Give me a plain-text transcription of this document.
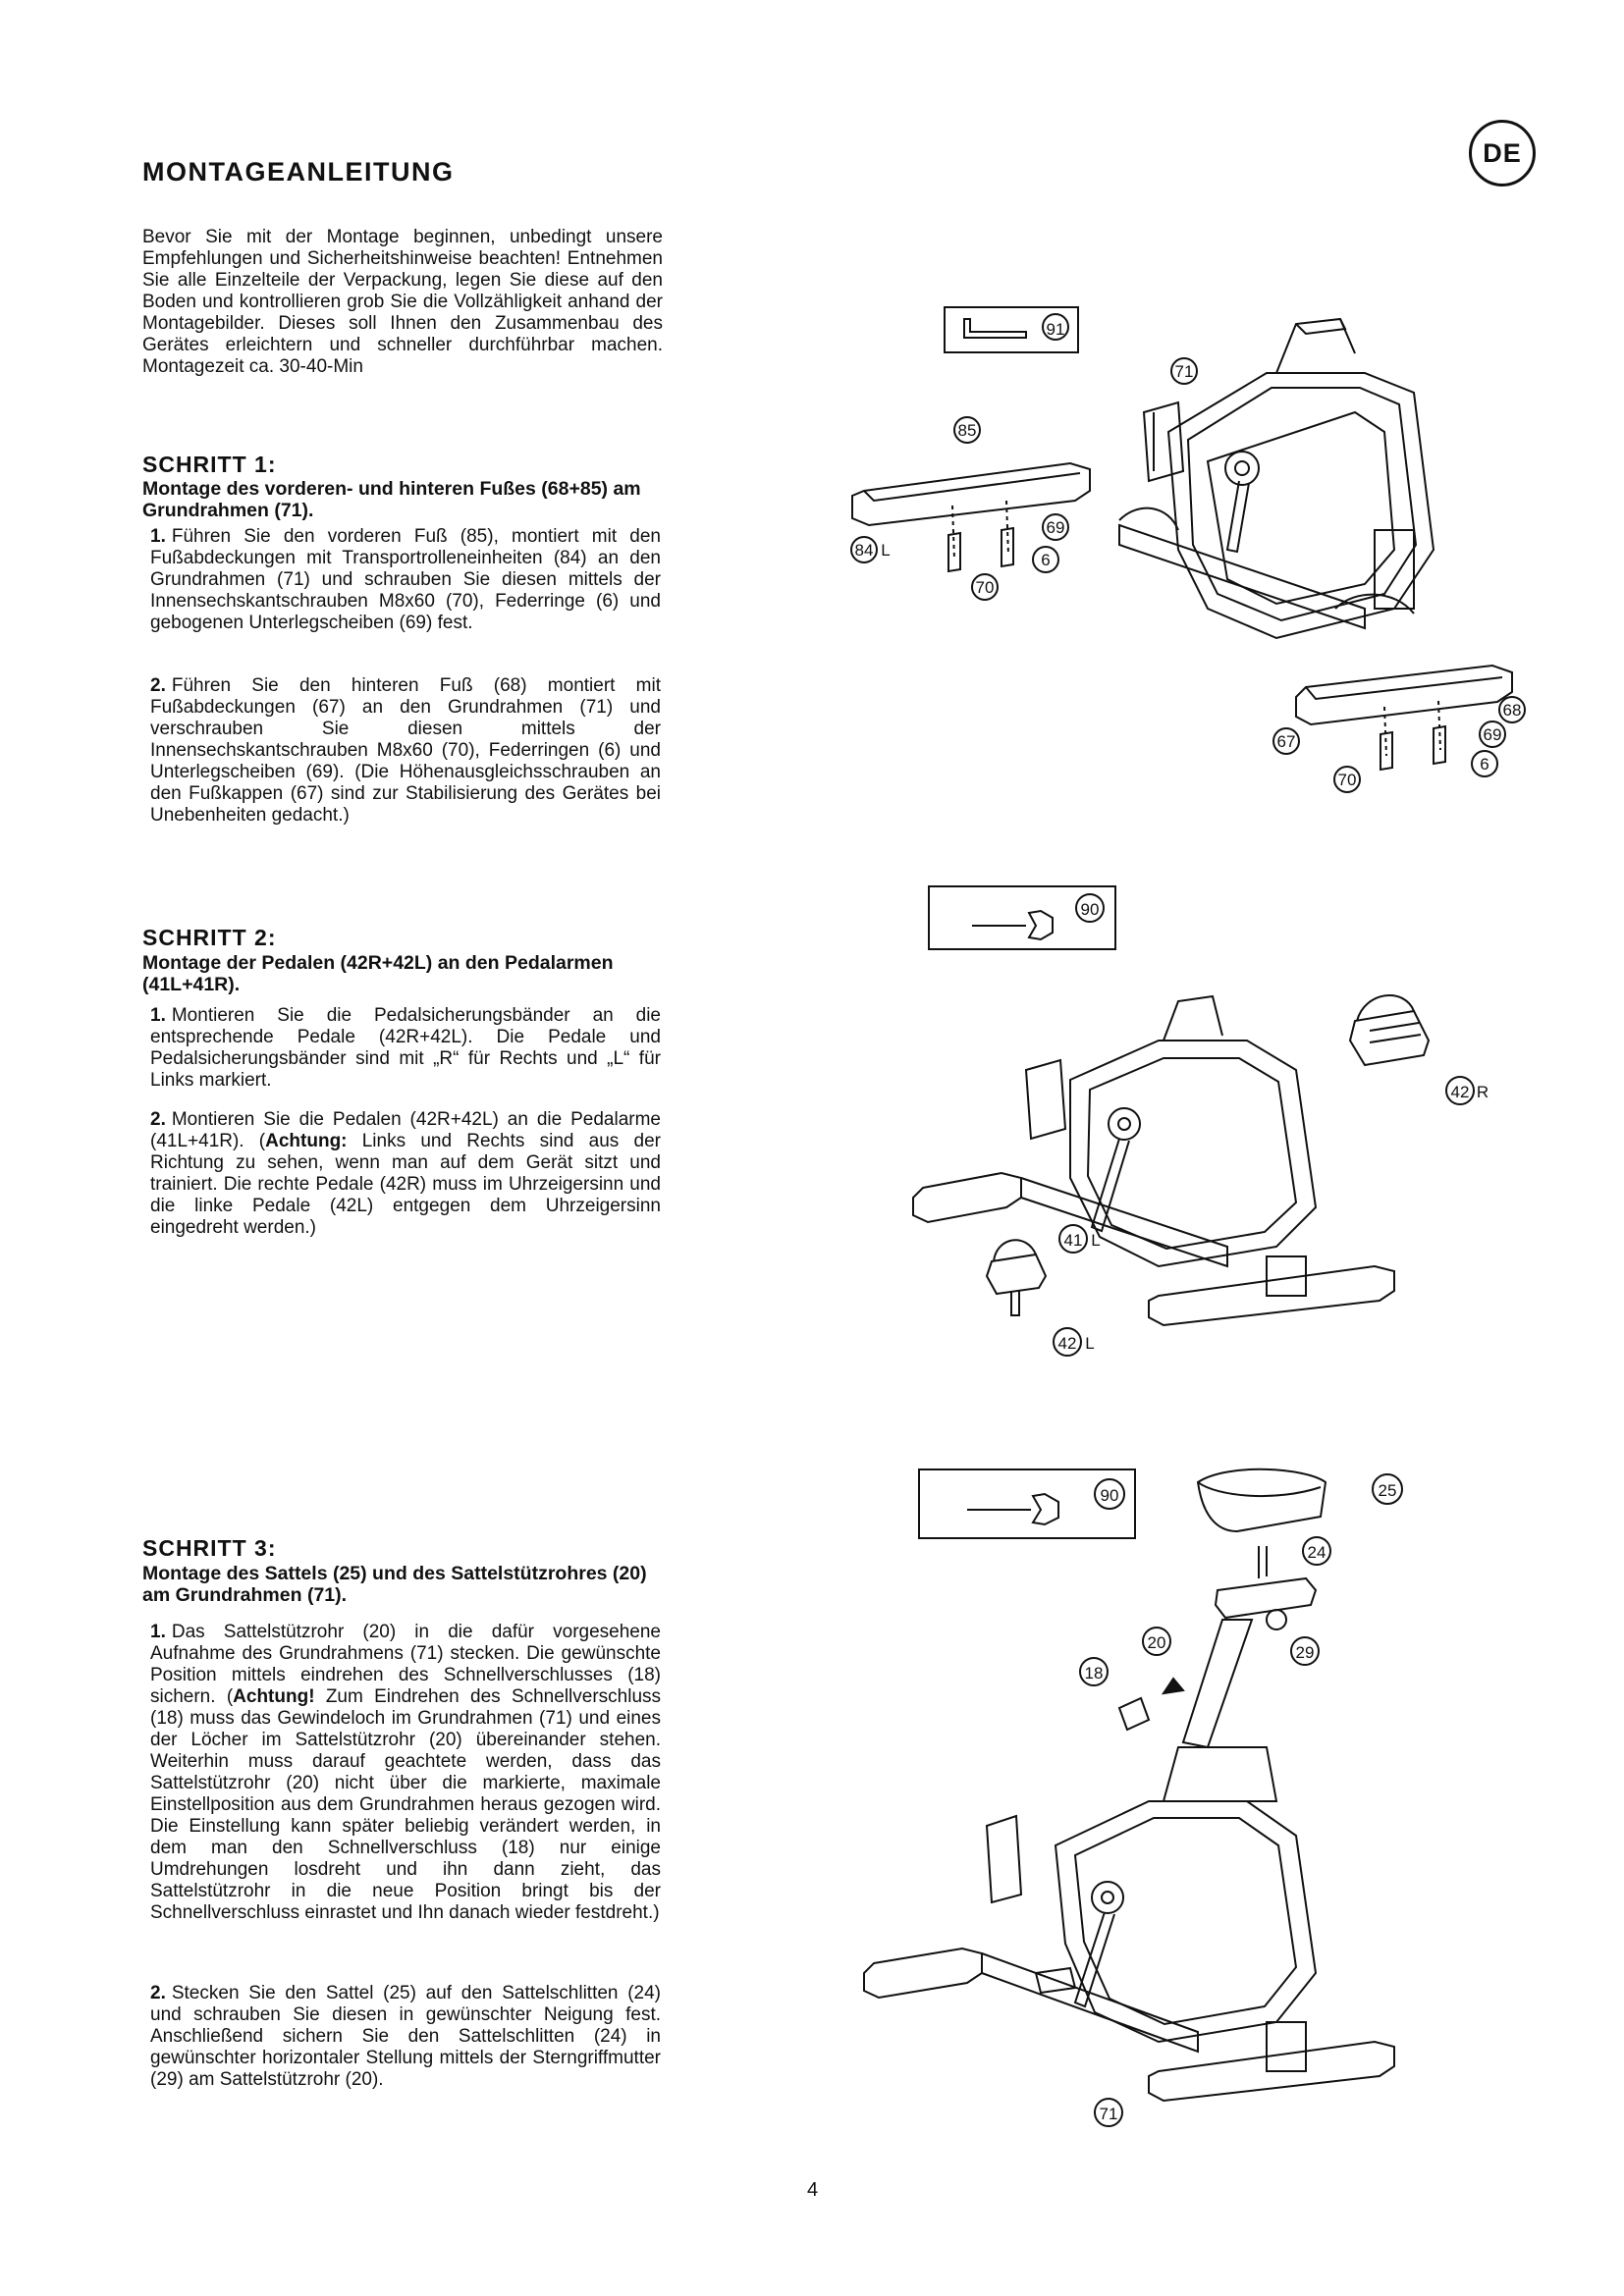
DE
MONTAGEANLEITUNG
Bevor Sie mit der Montage beginnen, unbedingt unsere Empfehlungen und Sicherheitshinweise beachten! Entnehmen Sie alle Einzelteile der Verpackung, legen Sie diese auf den Boden und kontrollieren grob Sie die Vollzähligkeit anhand der Montagebilder. Dieses soll Ihnen den Zusammenbau des Gerätes erleichtern und schneller durchführbar machen. Montagezeit ca. 30-40-Min
SCHRITT 1:
Montage des vorderen- und hinteren Fußes (68+85) am Grundrahmen (71).
1. Führen Sie den vorderen Fuß (85), montiert mit den Fußabdeckungen mit Transportrolleneinheiten (84) an den Grundrahmen (71) und schrauben Sie diesen mittels der Innensechskantschrauben M8x60 (70), Federringe (6) und gebogenen Unterlegscheiben (69) fest.
2. Führen Sie den hinteren Fuß (68) montiert mit Fußabdeckungen (67) an den Grundrahmen (71) und verschrauben Sie diesen mittels der Innensechskantschrauben M8x60 (70), Federringen (6) und Unterlegscheiben (69). (Die Höhenausgleichsschrauben an den Fußkappen (67) sind zur Stabilisierung des Gerätes bei Unebenheiten gedacht.)
SCHRITT 2:
Montage der Pedalen (42R+42L) an den Pedalarmen (41L+41R).
1. Montieren Sie die Pedalsicherungsbänder an die entsprechende Pedale (42R+42L). Die Pedale und Pedalsicherungsbänder sind mit „R“ für Rechts und „L“ für Links markiert.
2. Montieren Sie die Pedalen (42R+42L) an die Pedalarme (41L+41R). (Achtung: Links und Rechts sind aus der Richtung zu sehen, wenn man auf dem Gerät sitzt und trainiert. Die rechte Pedale (42R) muss im Uhrzeigersinn und die linke Pedale (42L) entgegen dem Uhrzeigersinn eingedreht werden.)
SCHRITT 3:
Montage des Sattels (25) und des Sattelstützrohres (20) am Grundrahmen (71).
1. Das Sattelstützrohr (20) in die dafür vorgesehene Aufnahme des Grundrahmens (71) stecken. Die gewünschte Position mittels eindrehen des Schnellverschlusses (18) sichern. (Achtung! Zum Eindrehen des Schnellverschluss (18) muss das Gewindeloch im Grundrahmen (71) und eines der Löcher im Sattelstützrohr (20) übereinander stehen. Weiterhin muss darauf geachtete werden, dass das Sattelstützrohr (20) nicht über die markierte, maximale Einstellposition aus dem Grundrahmen heraus gezogen wird. Die Einstellung kann später beliebig verändert werden, in dem man den Schnellverschluss (18) nur einige Umdrehungen losdreht und ihn dann zieht, das Sattelstützrohr in die neue Position bringt bis der Schnellverschluss einrastet und Ihn danach wieder festdreht.)
2. Stecken Sie den Sattel (25) auf den Sattelschlitten (24) und schrauben Sie diesen in gewünschter Neigung fest. Anschließend sichern Sie den Sattelschlitten (24) in gewünschter horizontaler Stellung mittels der Sterngriffmutter (29) am Sattelstützrohr (20).
4
91
71
85
84 L
69
6
70
68
69
67
6
70
90
42 R
41 L
42 L
90	25
24
20
29
18
71
